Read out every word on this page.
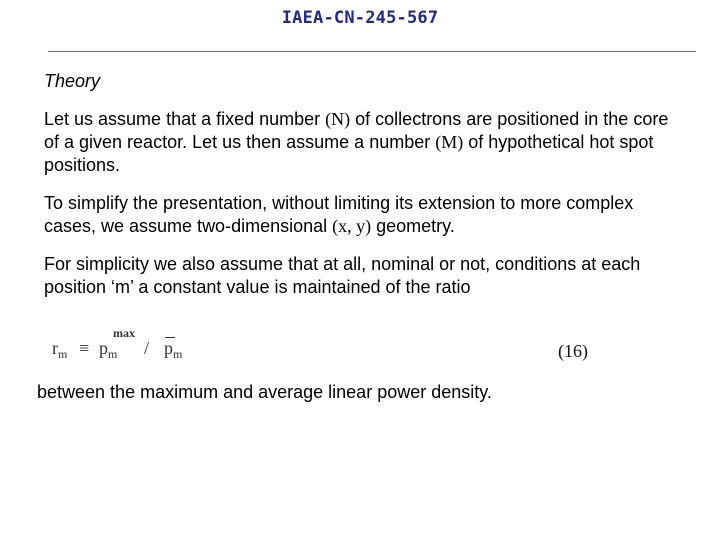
IAEA-CN-245-567
Theory
Let us assume that a fixed number (N) of collectrons are positioned in the core of a given reactor. Let us then assume a number (M) of hypothetical hot spot positions.
To simplify the presentation, without limiting its extension to more complex cases, we assume two-dimensional (x, y) geometry.
For simplicity we also assume that at all, nominal or not, conditions at each position ‘m’ a constant value is maintained of the ratio
$r_m \equiv p_m$
max
/ $p_m$	(16)
between the maximum and average linear power density.
